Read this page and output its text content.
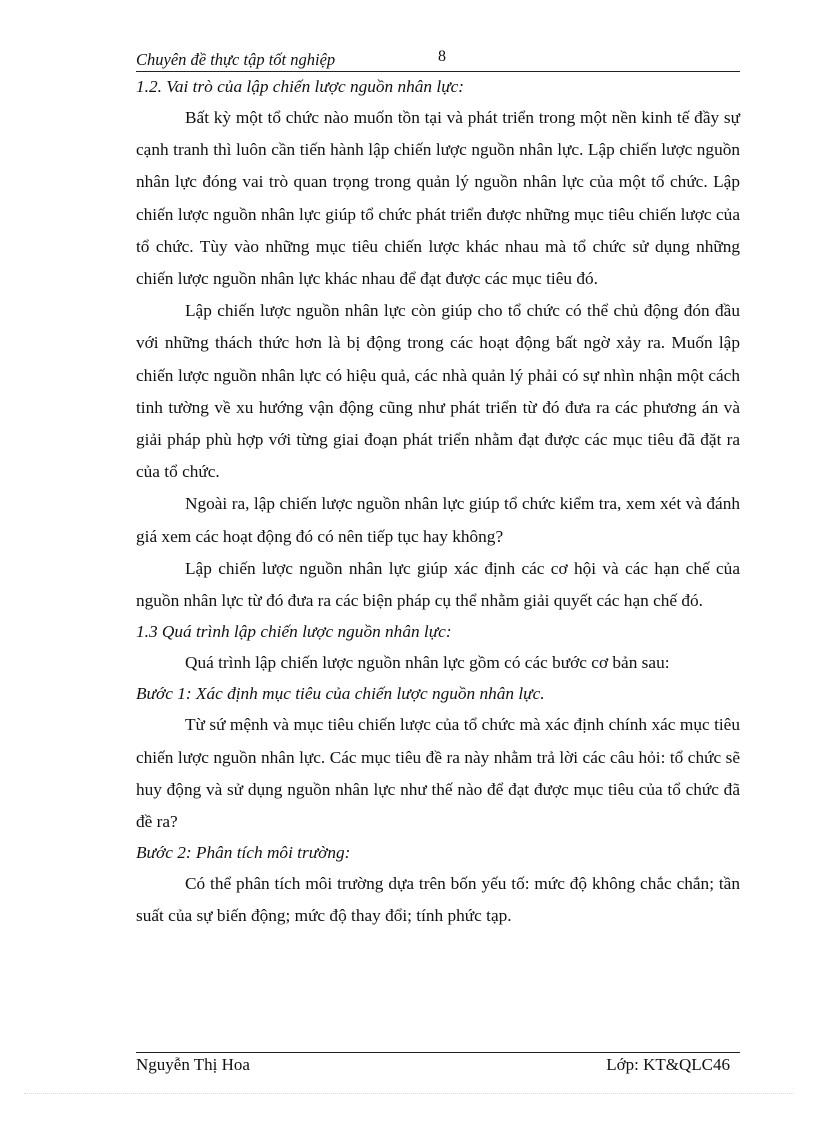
Chuyên đề thực tập tốt nghiệp	8

1.2. Vai trò của lập chiến lược nguồn nhân lực:

Bất kỳ một tổ chức nào muốn tồn tại và phát triển trong một nền kinh tế đầy sự cạnh tranh thì luôn cần tiến hành lập chiến lược nguồn nhân lực. Lập chiến lược nguồn nhân lực đóng vai trò quan trọng trong quản lý nguồn nhân lực của một tổ chức. Lập chiến lược nguồn nhân lực giúp tổ chức phát triển được những mục tiêu chiến lược của tổ chức. Tùy vào những mục tiêu chiến lược khác nhau mà tổ chức sử dụng những chiến lược nguồn nhân lực khác nhau để đạt được các mục tiêu đó.

Lập chiến lược nguồn nhân lực còn giúp cho tổ chức có thể chủ động đón đầu với những thách thức hơn là bị động trong các hoạt động bất ngờ xảy ra. Muốn lập chiến lược nguồn nhân lực có hiệu quả, các nhà quản lý phải có sự nhìn nhận một cách tinh tường về xu hướng vận động cũng như phát triển từ đó đưa ra các phương án và giải pháp phù hợp với từng giai đoạn phát triển nhằm đạt được các mục tiêu đã đặt ra của tổ chức.

Ngoài ra, lập chiến lược nguồn nhân lực giúp tổ chức kiểm tra, xem xét và đánh giá xem các hoạt động đó có nên tiếp tục hay không?

Lập chiến lược nguồn nhân lực giúp xác định các cơ hội và các hạn chế của nguồn nhân lực từ đó đưa ra các biện pháp cụ thể nhằm giải quyết các hạn chế đó.

1.3 Quá trình lập chiến lược nguồn nhân lực:

Quá trình lập chiến lược nguồn nhân lực gồm có các bước cơ bản sau:

Bước 1: Xác định mục tiêu của chiến lược nguồn nhân lực.

Từ sứ mệnh và mục tiêu chiến lược của tổ chức mà xác định chính xác mục tiêu chiến lược nguồn nhân lực. Các mục tiêu đề ra này nhằm trả lời các câu hỏi: tổ chức sẽ huy động và sử dụng nguồn nhân lực như thế nào để đạt được mục tiêu của tổ chức đã đề ra?

Bước 2: Phân tích môi trường:

Có thể phân tích môi trường dựa trên bốn yếu tố: mức độ không chắc chắn; tần suất của sự biến động; mức độ thay đổi; tính phức tạp.

Nguyễn Thị Hoa	Lớp: KT&QLC46
